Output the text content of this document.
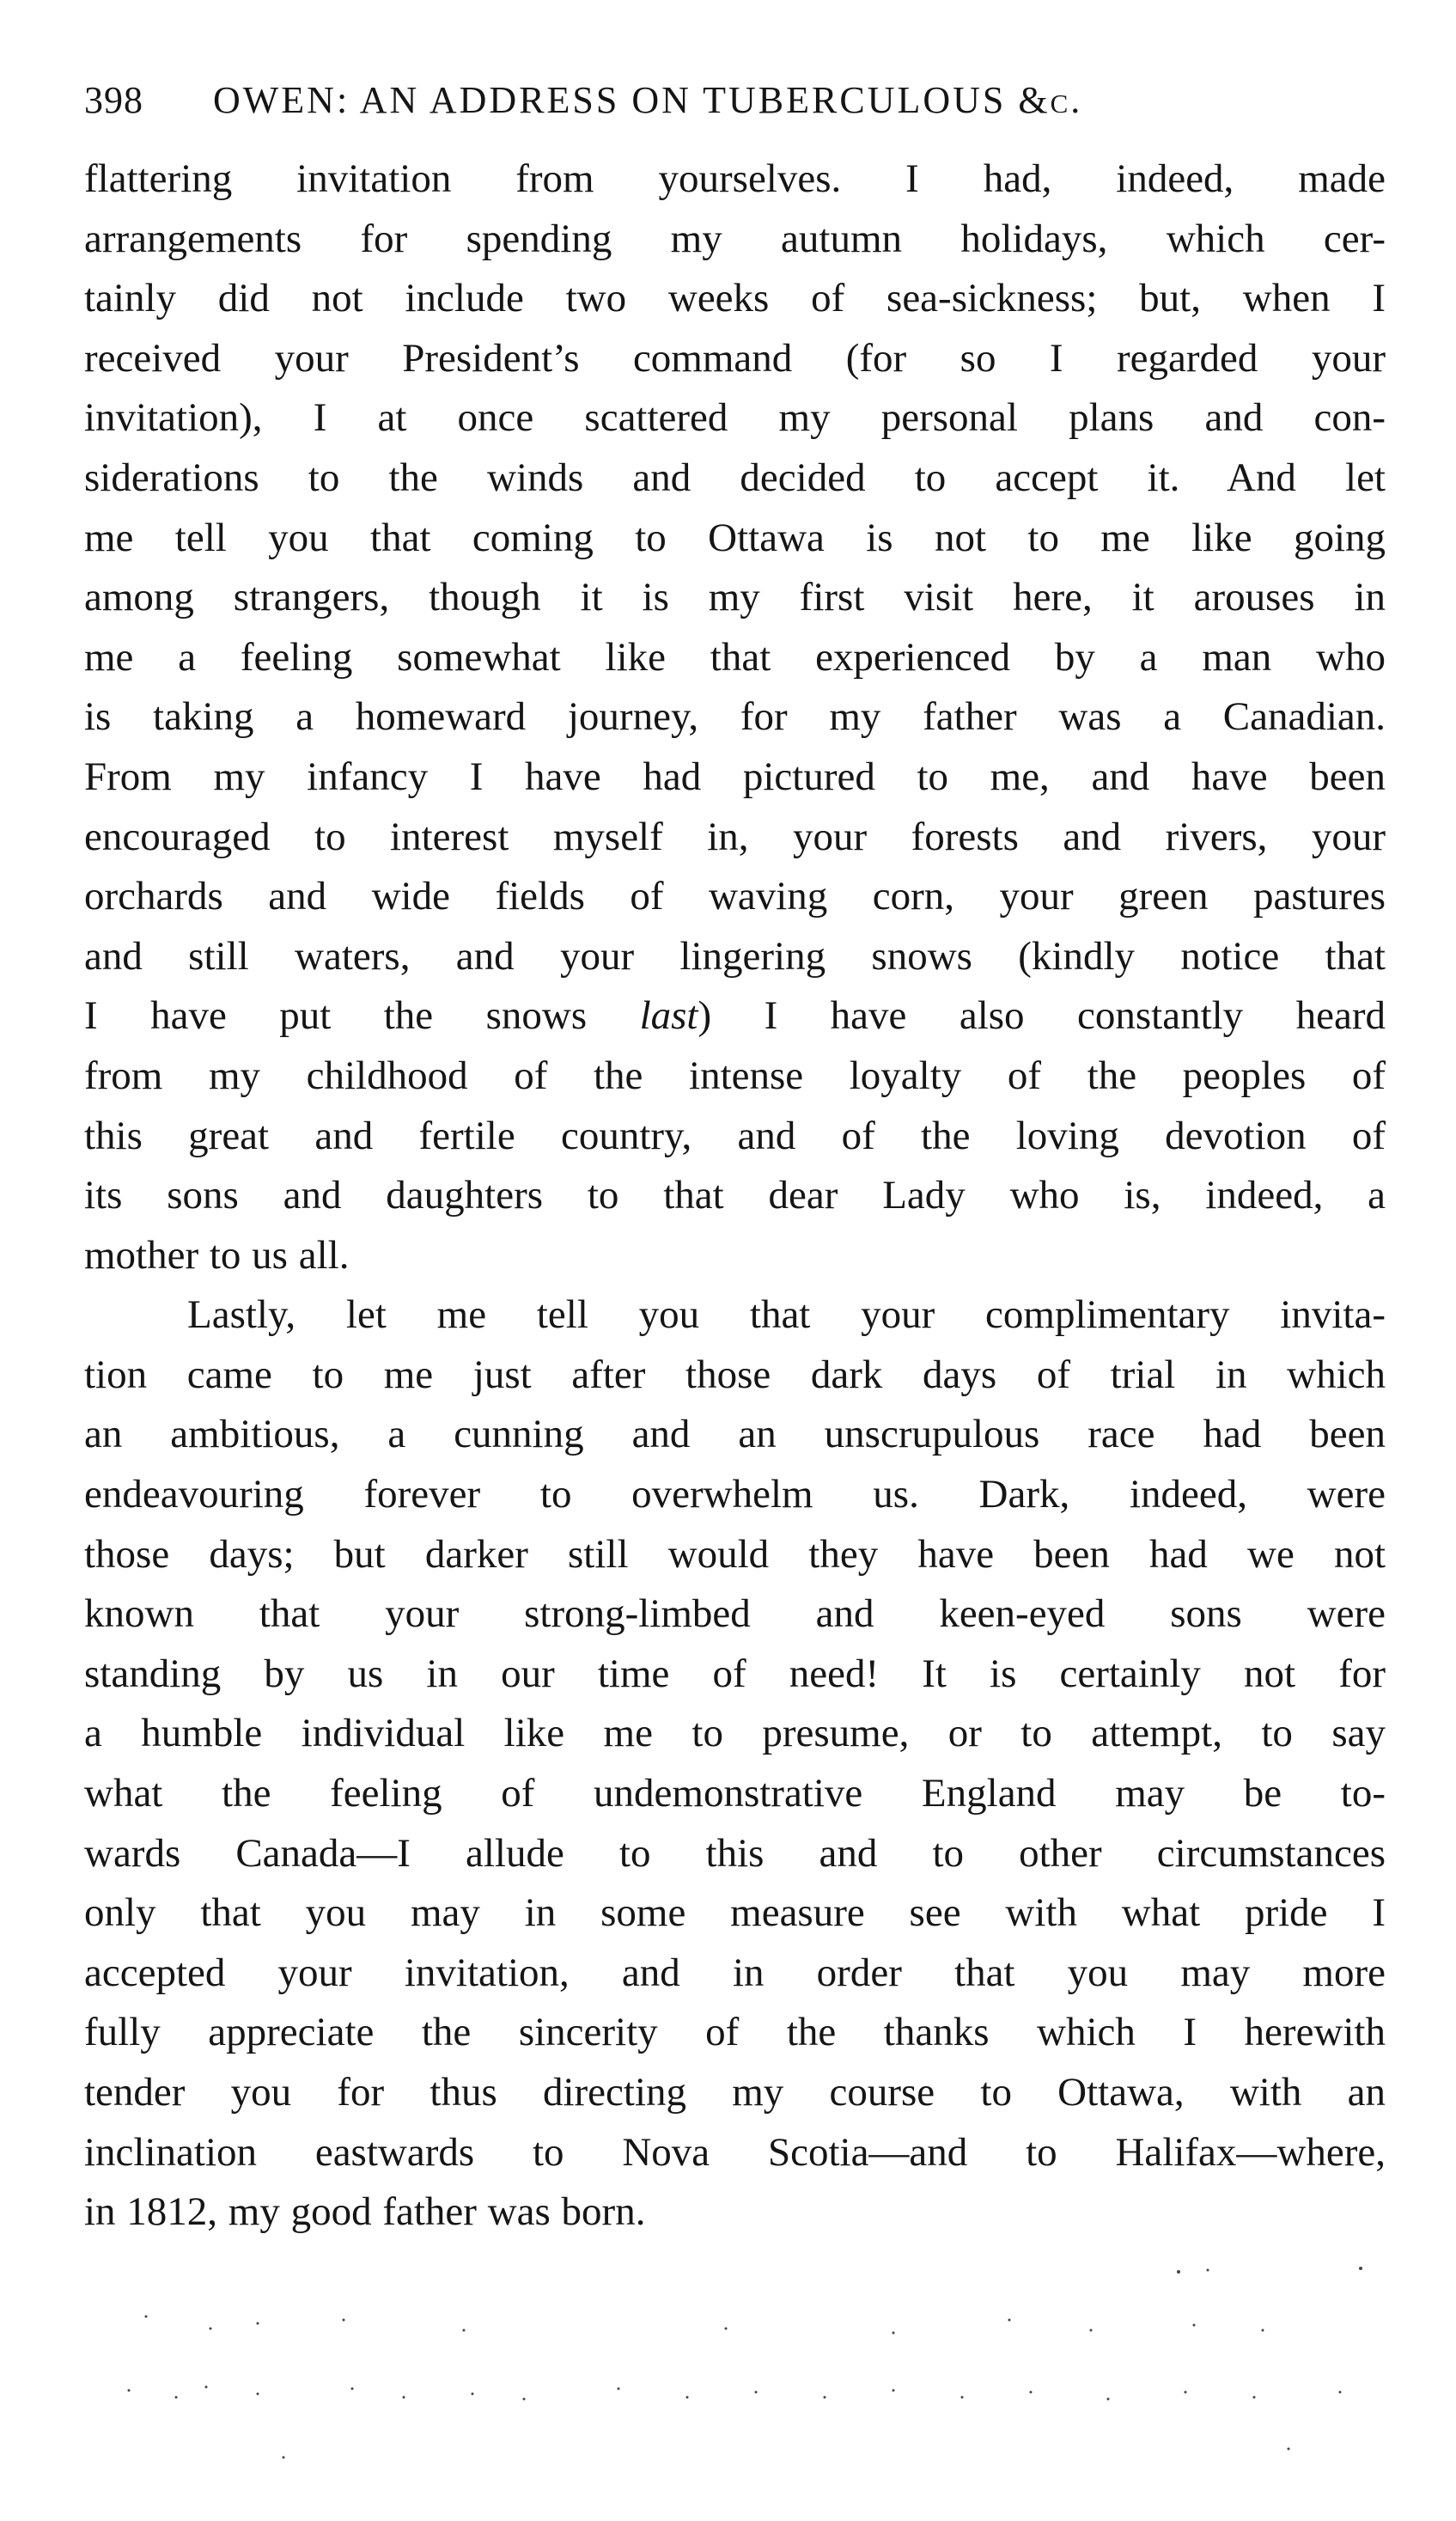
398 OWEN: AN ADDRESS ON TUBERCULOUS &c.
flattering invitation from yourselves. I had, indeed, made
arrangements for spending my autumn holidays, which cer-
tainly did not include two weeks of sea-sickness; but, when I
received your President’s command (for so I regarded your
invitation), I at once scattered my personal plans and con-
siderations to the winds and decided to accept it. And let
me tell you that coming to Ottawa is not to me like going
among strangers, though it is my first visit here, it arouses in
me a feeling somewhat like that experienced by a man who
is taking a homeward journey, for my father was a Canadian.
From my infancy I have had pictured to me, and have been
encouraged to interest myself in, your forests and rivers, your
orchards and wide fields of waving corn, your green pastures
and still waters, and your lingering snows (kindly notice that
I have put the snows last) I have also constantly heard
from my childhood of the intense loyalty of the peoples of
this great and fertile country, and of the loving devotion of
its sons and daughters to that dear Lady who is, indeed, a
mother to us all.
Lastly, let me tell you that your complimentary invita-
tion came to me just after those dark days of trial in which
an ambitious, a cunning and an unscrupulous race had been
endeavouring forever to overwhelm us. Dark, indeed, were
those days; but darker still would they have been had we not
known that your strong-limbed and keen-eyed sons were
standing by us in our time of need! It is certainly not for
a humble individual like me to presume, or to attempt, to say
what the feeling of undemonstrative England may be to-
wards Canada—I allude to this and to other circumstances
only that you may in some measure see with what pride I
accepted your invitation, and in order that you may more
fully appreciate the sincerity of the thanks which I herewith
tender you for thus directing my course to Ottawa, with an
inclination eastwards to Nova Scotia—and to Halifax—where,
in 1812, my good father was born.
